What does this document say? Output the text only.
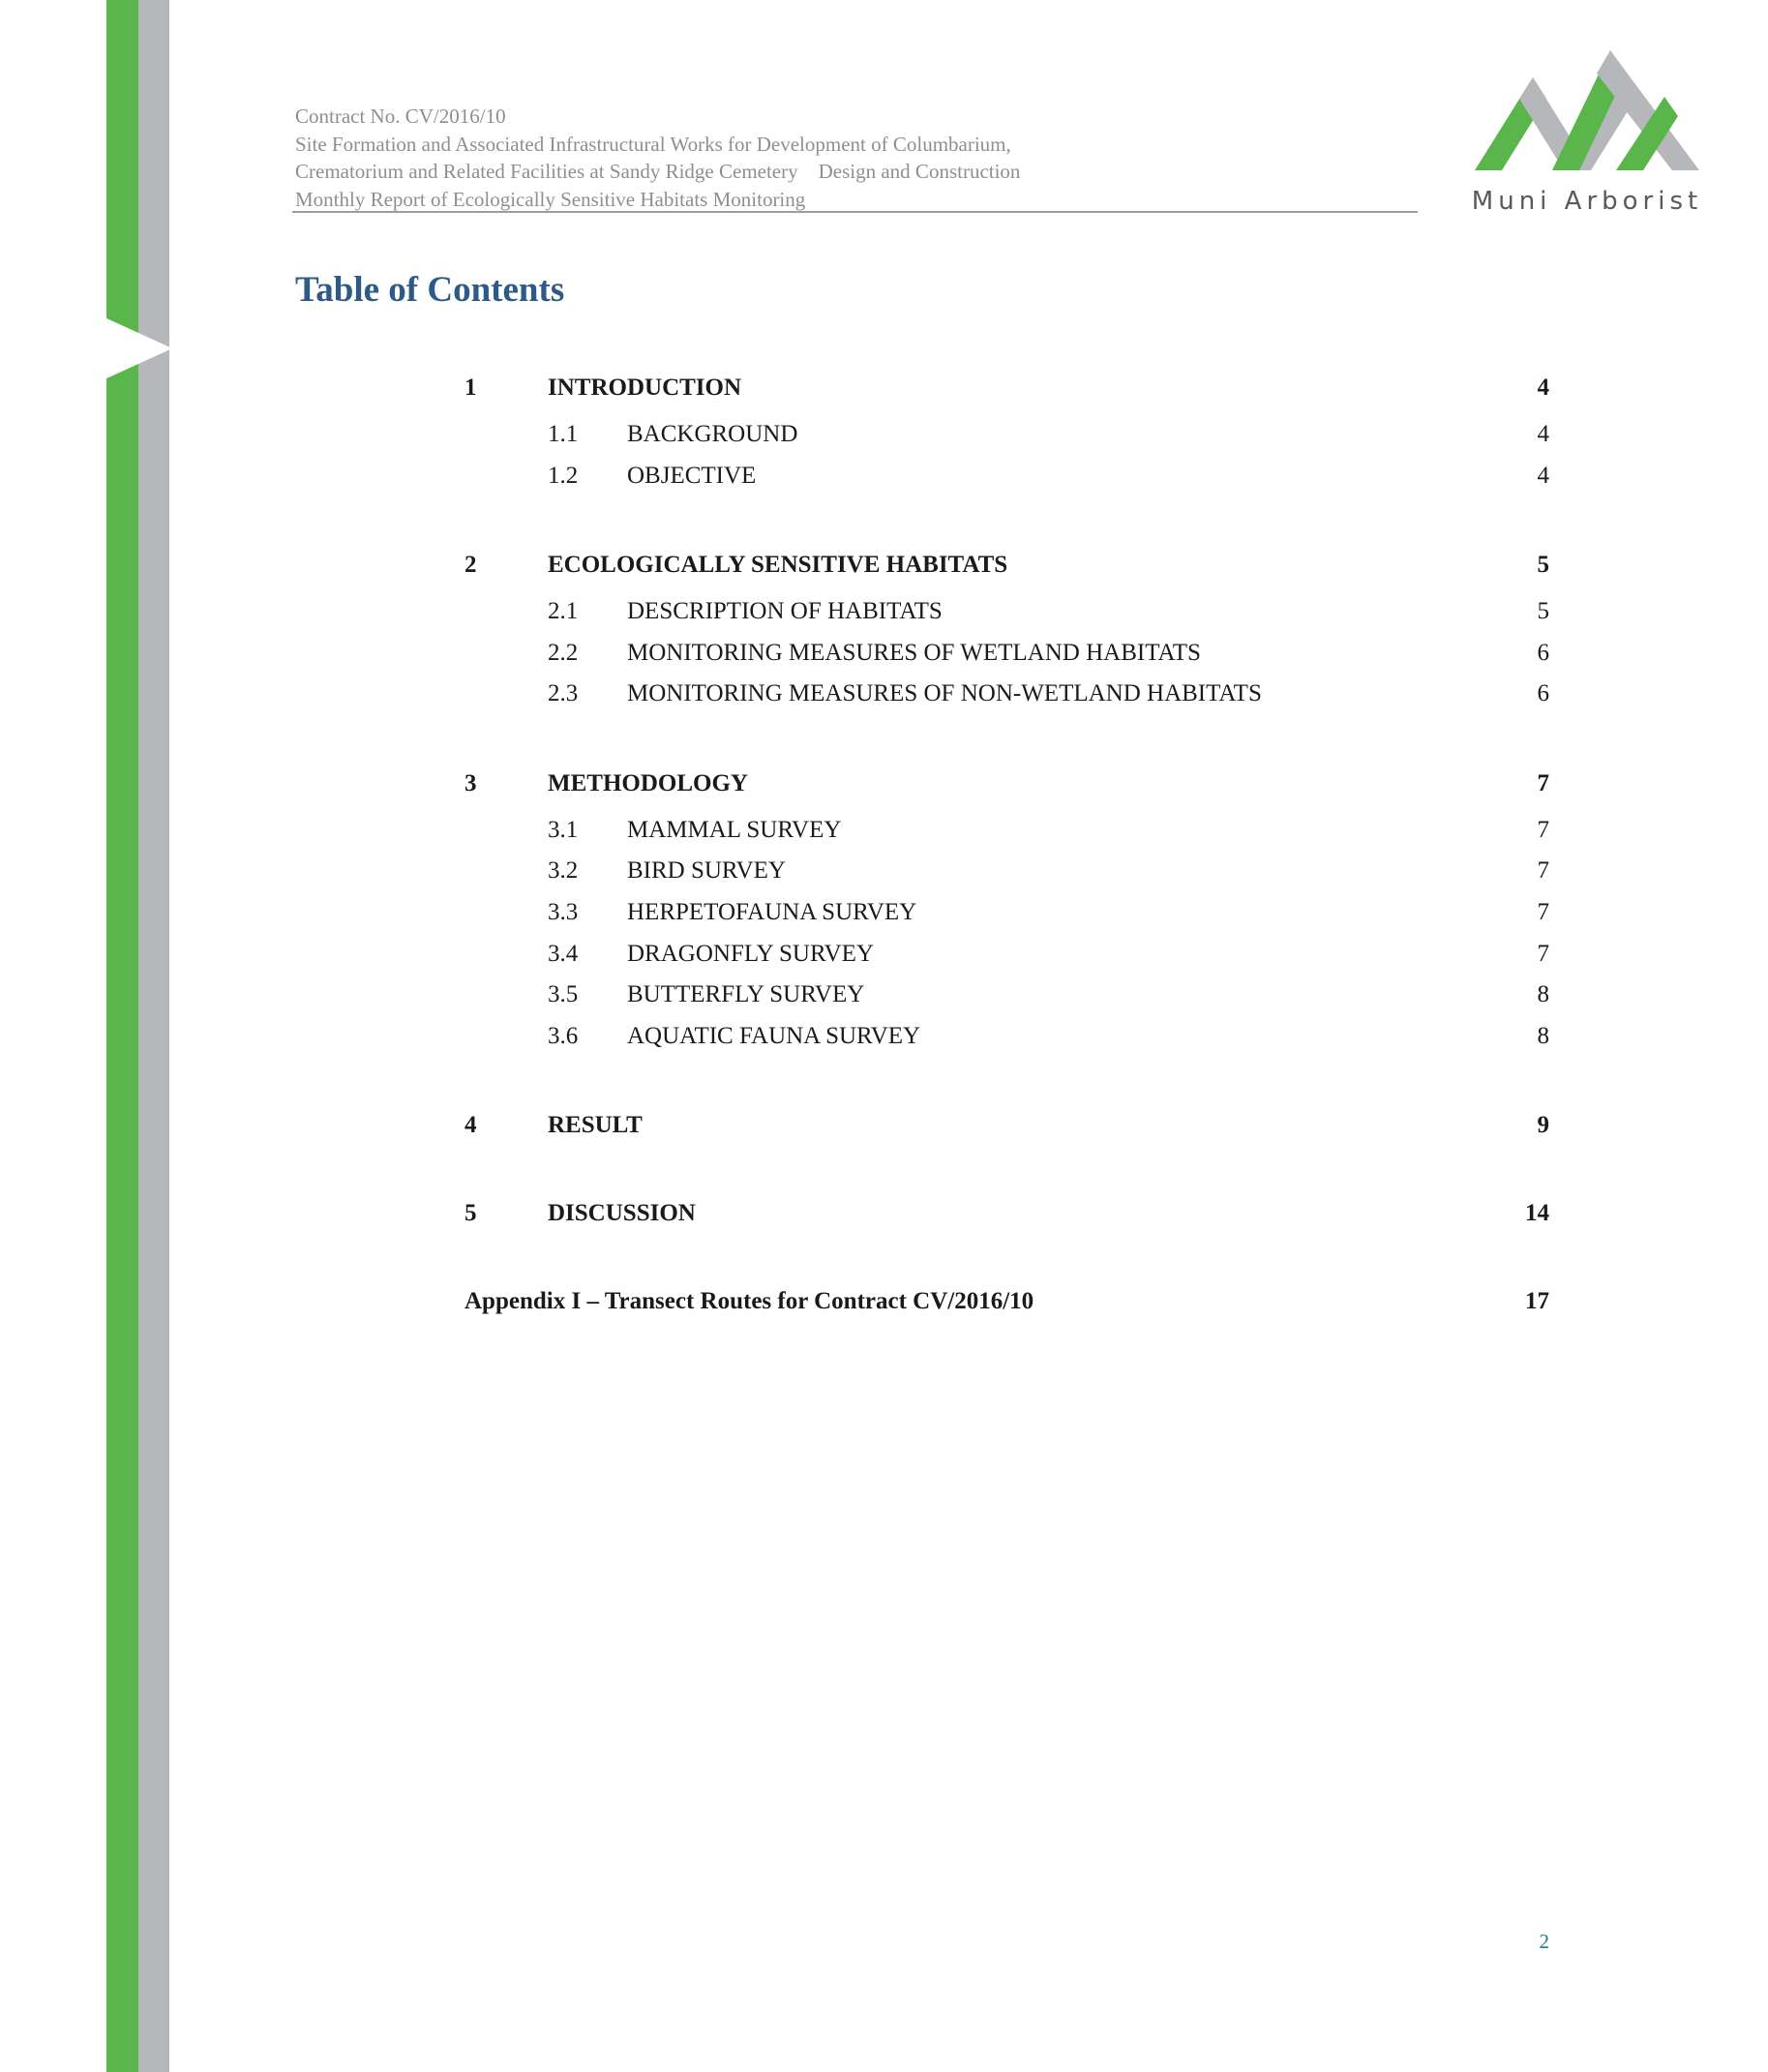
Contract No. CV/2016/10
Site Formation and Associated Infrastructural Works for Development of Columbarium,
Crematorium and Related Facilities at Sandy Ridge Cemetery    Design and Construction
Monthly Report of Ecologically Sensitive Habitats Monitoring	Muni Arborist
Table of Contents
1	INTRODUCTION	4
1.1 BACKGROUND	4
1.2 OBJECTIVE	4
2	ECOLOGICALLY SENSITIVE HABITATS	5
2.1 DESCRIPTION OF HABITATS	5
2.2 MONITORING MEASURES OF WETLAND HABITATS	6
2.3 MONITORING MEASURES OF NON-WETLAND HABITATS	6
3	METHODOLOGY	7
3.1 MAMMAL SURVEY	7
3.2 BIRD SURVEY	7
3.3 HERPETOFAUNA SURVEY	7
3.4 DRAGONFLY SURVEY	7
3.5 BUTTERFLY SURVEY	8
3.6 AQUATIC FAUNA SURVEY	8
4	RESULT	9
5	DISCUSSION	14
Appendix I – Transect Routes for Contract CV/2016/10	17
2
